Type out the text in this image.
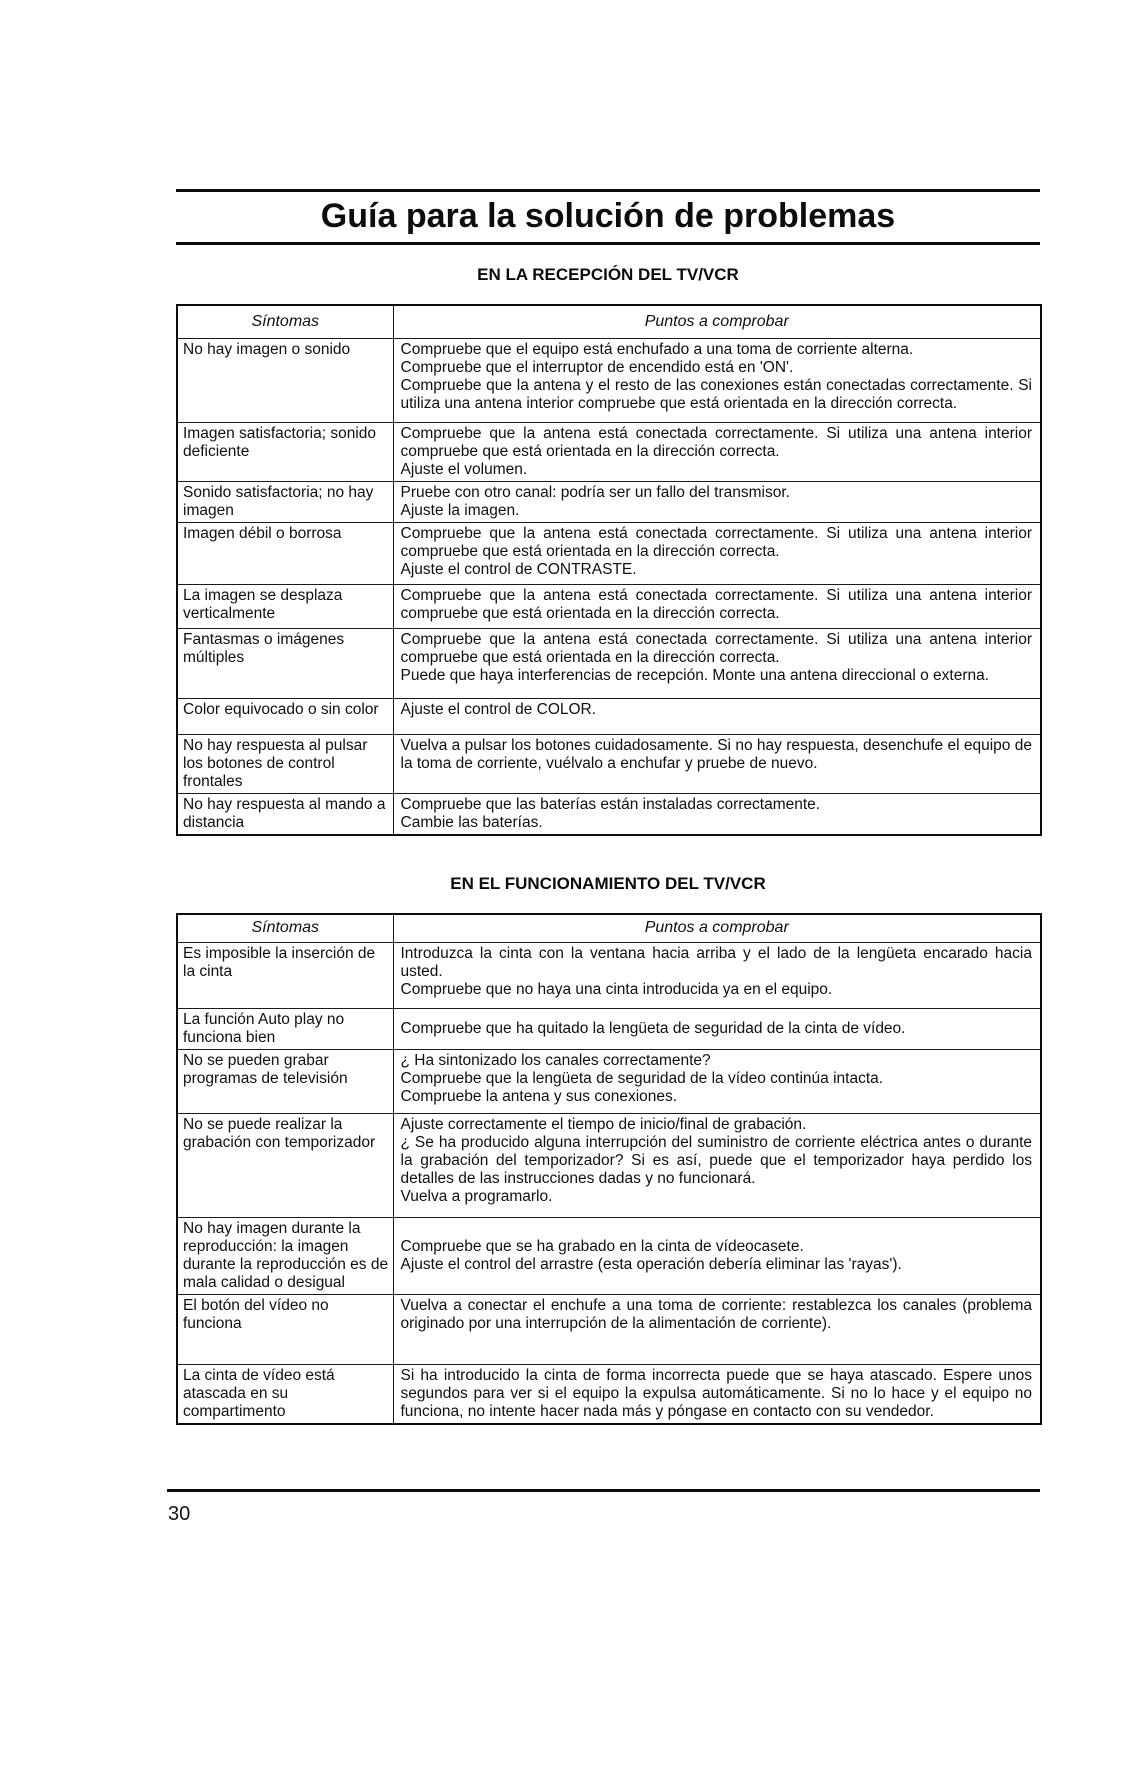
Guía para la solución de problemas
EN LA RECEPCIÓN DEL TV/VCR
Síntomas	Puntos a comprobar
No hay imagen o sonido	Compruebe que el equipo está enchufado a una toma de corriente alterna.
Compruebe que el interruptor de encendido está en 'ON'.
Compruebe que la antena y el resto de las conexiones están conectadas correctamente. Si utiliza una antena interior compruebe que está orientada en la dirección correcta.

Imagen satisfactoria; sonido deficiente	Compruebe que la antena está conectada correctamente. Si utiliza una antena interior compruebe que está orientada en la dirección correcta.
Ajuste el volumen.

Sonido satisfactoria; no hay imagen	Pruebe con otro canal: podría ser un fallo del transmisor.
Ajuste la imagen.

Imagen débil o borrosa	Compruebe que la antena está conectada correctamente. Si utiliza una antena interior compruebe que está orientada en la dirección correcta.
Ajuste el control de CONTRASTE.

La imagen se desplaza verticalmente	Compruebe que la antena está conectada correctamente. Si utiliza una antena interior compruebe que está orientada en la dirección correcta.

Fantasmas o imágenes múltiples	Compruebe que la antena está conectada correctamente. Si utiliza una antena interior compruebe que está orientada en la dirección correcta.
Puede que haya interferencias de recepción. Monte una antena direccional o externa.

Color equivocado o sin color	Ajuste el control de COLOR.

No hay respuesta al pulsar los botones de control frontales	Vuelva a pulsar los botones cuidadosamente. Si no hay respuesta, desenchufe el equipo de la toma de corriente, vuélvalo a enchufar y pruebe de nuevo.

No hay respuesta al mando a distancia	Compruebe que las baterías están instaladas correctamente.
Cambie las baterías.
EN EL FUNCIONAMIENTO DEL TV/VCR
Síntomas	Puntos a comprobar
Es imposible la inserción de la cinta	Introduzca la cinta con la ventana hacia arriba y el lado de la lengüeta encarado hacia usted.
Compruebe que no haya una cinta introducida ya en el equipo.

La función Auto play no funciona bien	Compruebe que ha quitado la lengüeta de seguridad de la cinta de vídeo.

No se pueden grabar programas de televisión	¿ Ha sintonizado los canales correctamente?
Compruebe que la lengüeta de seguridad de la vídeo continúa intacta.
Compruebe la antena y sus conexiones.

No se puede realizar la grabación con temporizador	Ajuste correctamente el tiempo de inicio/final de grabación.
¿ Se ha producido alguna interrupción del suministro de corriente eléctrica antes o durante la grabación del temporizador? Si es así, puede que el temporizador haya perdido los detalles de las instrucciones dadas y no funcionará.
Vuelva a programarlo.

No hay imagen durante la reproducción: la imagen durante la reproducción es de mala calidad o desigual	Compruebe que se ha grabado en la cinta de vídeocasete.
Ajuste el control del arrastre (esta operación debería eliminar las 'rayas').

El botón del vídeo no funciona	Vuelva a conectar el enchufe a una toma de corriente: restablezca los canales (problema originado por una interrupción de la alimentación de corriente).

La cinta de vídeo está atascada en su compartimento	Si ha introducido la cinta de forma incorrecta puede que se haya atascado. Espere unos segundos para ver si el equipo la expulsa automáticamente. Si no lo hace y el equipo no funciona, no intente hacer nada más y póngase en contacto con su vendedor.
30
